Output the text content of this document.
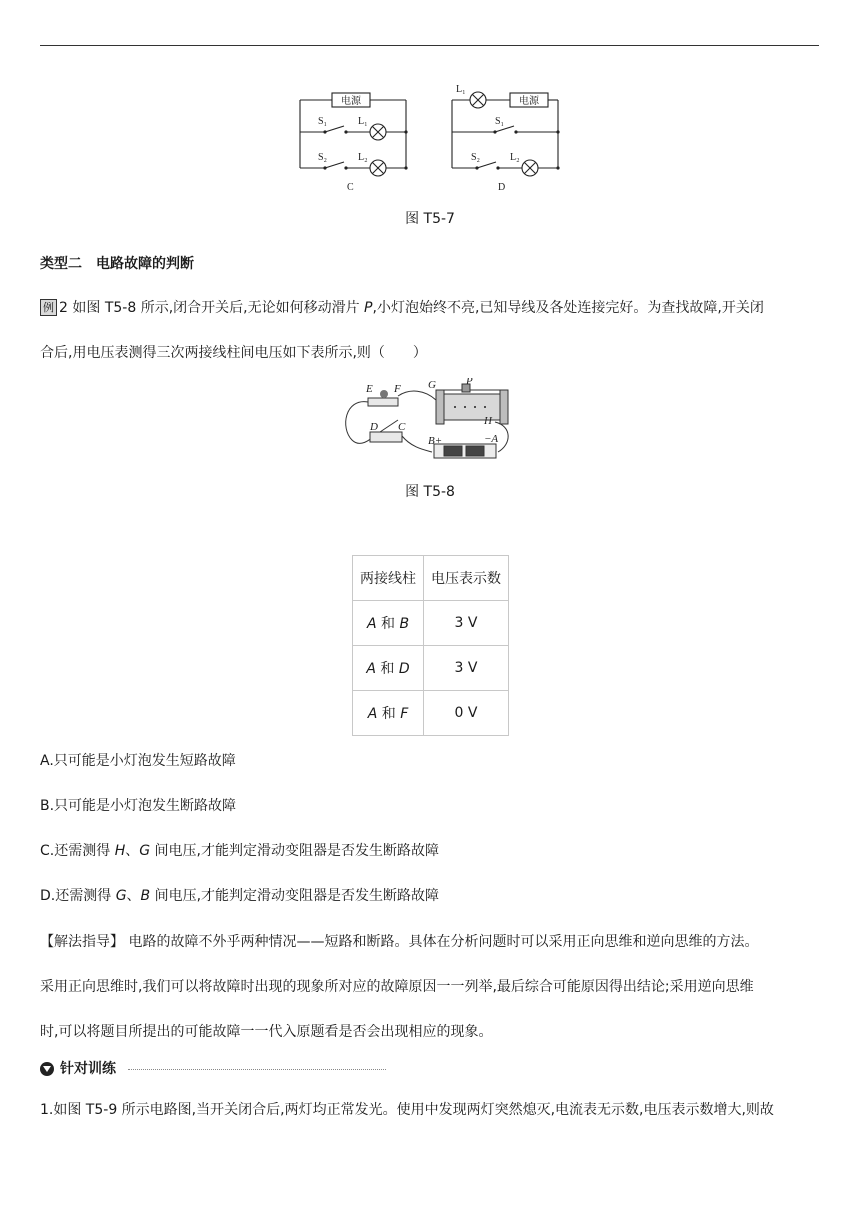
电源
S₁	L₁
S₂	L₂
C
L₁
电源
S₁
S₂	L₂
D
图 T5-7
类型二　电路故障的判断
例 2 如图 T5-8 所示,闭合开关后,无论如何移动滑片 P,小灯泡始终不亮,已知导线及各处连接完好。为查找故障,开关闭
合后,用电压表测得三次两接线柱间电压如下表所示,则（　　）
E F G	P
H
D C
B+	−A
图 T5-8
两接线柱	电压表示数
A 和 B	3 V
A 和 D	3 V
A 和 F	0 V
A.只可能是小灯泡发生短路故障
B.只可能是小灯泡发生断路故障
C.还需测得 H、G 间电压,才能判定滑动变阻器是否发生断路故障
D.还需测得 G、B 间电压,才能判定滑动变阻器是否发生断路故障
【解法指导】 电路的故障不外乎两种情况——短路和断路。具体在分析问题时可以采用正向思维和逆向思维的方法。
采用正向思维时,我们可以将故障时出现的现象所对应的故障原因一一列举,最后综合可能原因得出结论;采用逆向思维
时,可以将题目所提出的可能故障一一代入原题看是否会出现相应的现象。
针对训练
1.如图 T5-9 所示电路图,当开关闭合后,两灯均正常发光。使用中发现两灯突然熄灭,电流表无示数,电压表示数增大,则故
